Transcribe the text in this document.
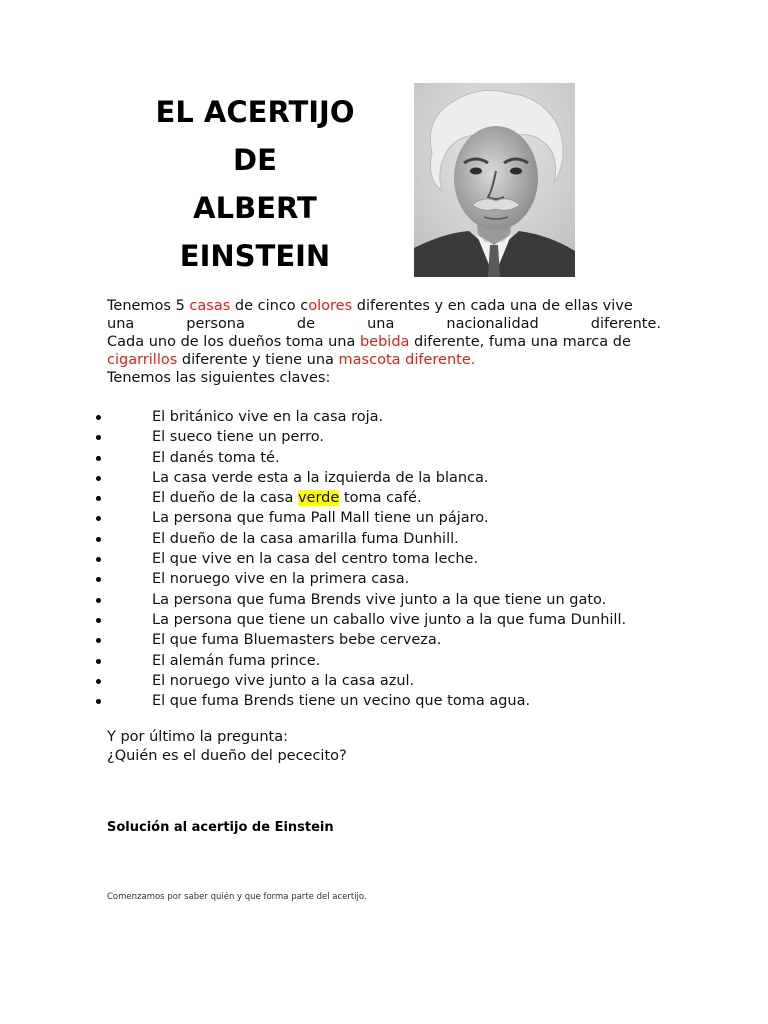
EL ACERTIJO
DE
ALBERT
EINSTEIN
Tenemos 5 casas de cinco colores diferentes y en cada una de ellas vive
una	persona	de	una	nacionalidad	diferente.
Cada uno de los dueños toma una bebida diferente, fuma una marca de
cigarrillos diferente y tiene una mascota diferente.
Tenemos las siguientes claves:
El británico vive en la casa roja.
El sueco tiene un perro.
El danés toma té.
La casa verde esta a la izquierda de la blanca.
El dueño de la casa verde toma café.
La persona que fuma Pall Mall tiene un pájaro.
El dueño de la casa amarilla fuma Dunhill.
El que vive en la casa del centro toma leche.
El noruego vive en la primera casa.
La persona que fuma Brends vive junto a la que tiene un gato.
La persona que tiene un caballo vive junto a la que fuma Dunhill.
El que fuma Bluemasters bebe cerveza.
El alemán fuma prince.
El noruego vive junto a la casa azul.
El que fuma Brends tiene un vecino que toma agua.
Y por último la pregunta:
¿Quién es el dueño del pececito?
Solución al acertijo de Einstein
Comenzamos por saber quién y que forma parte del acertijo.
